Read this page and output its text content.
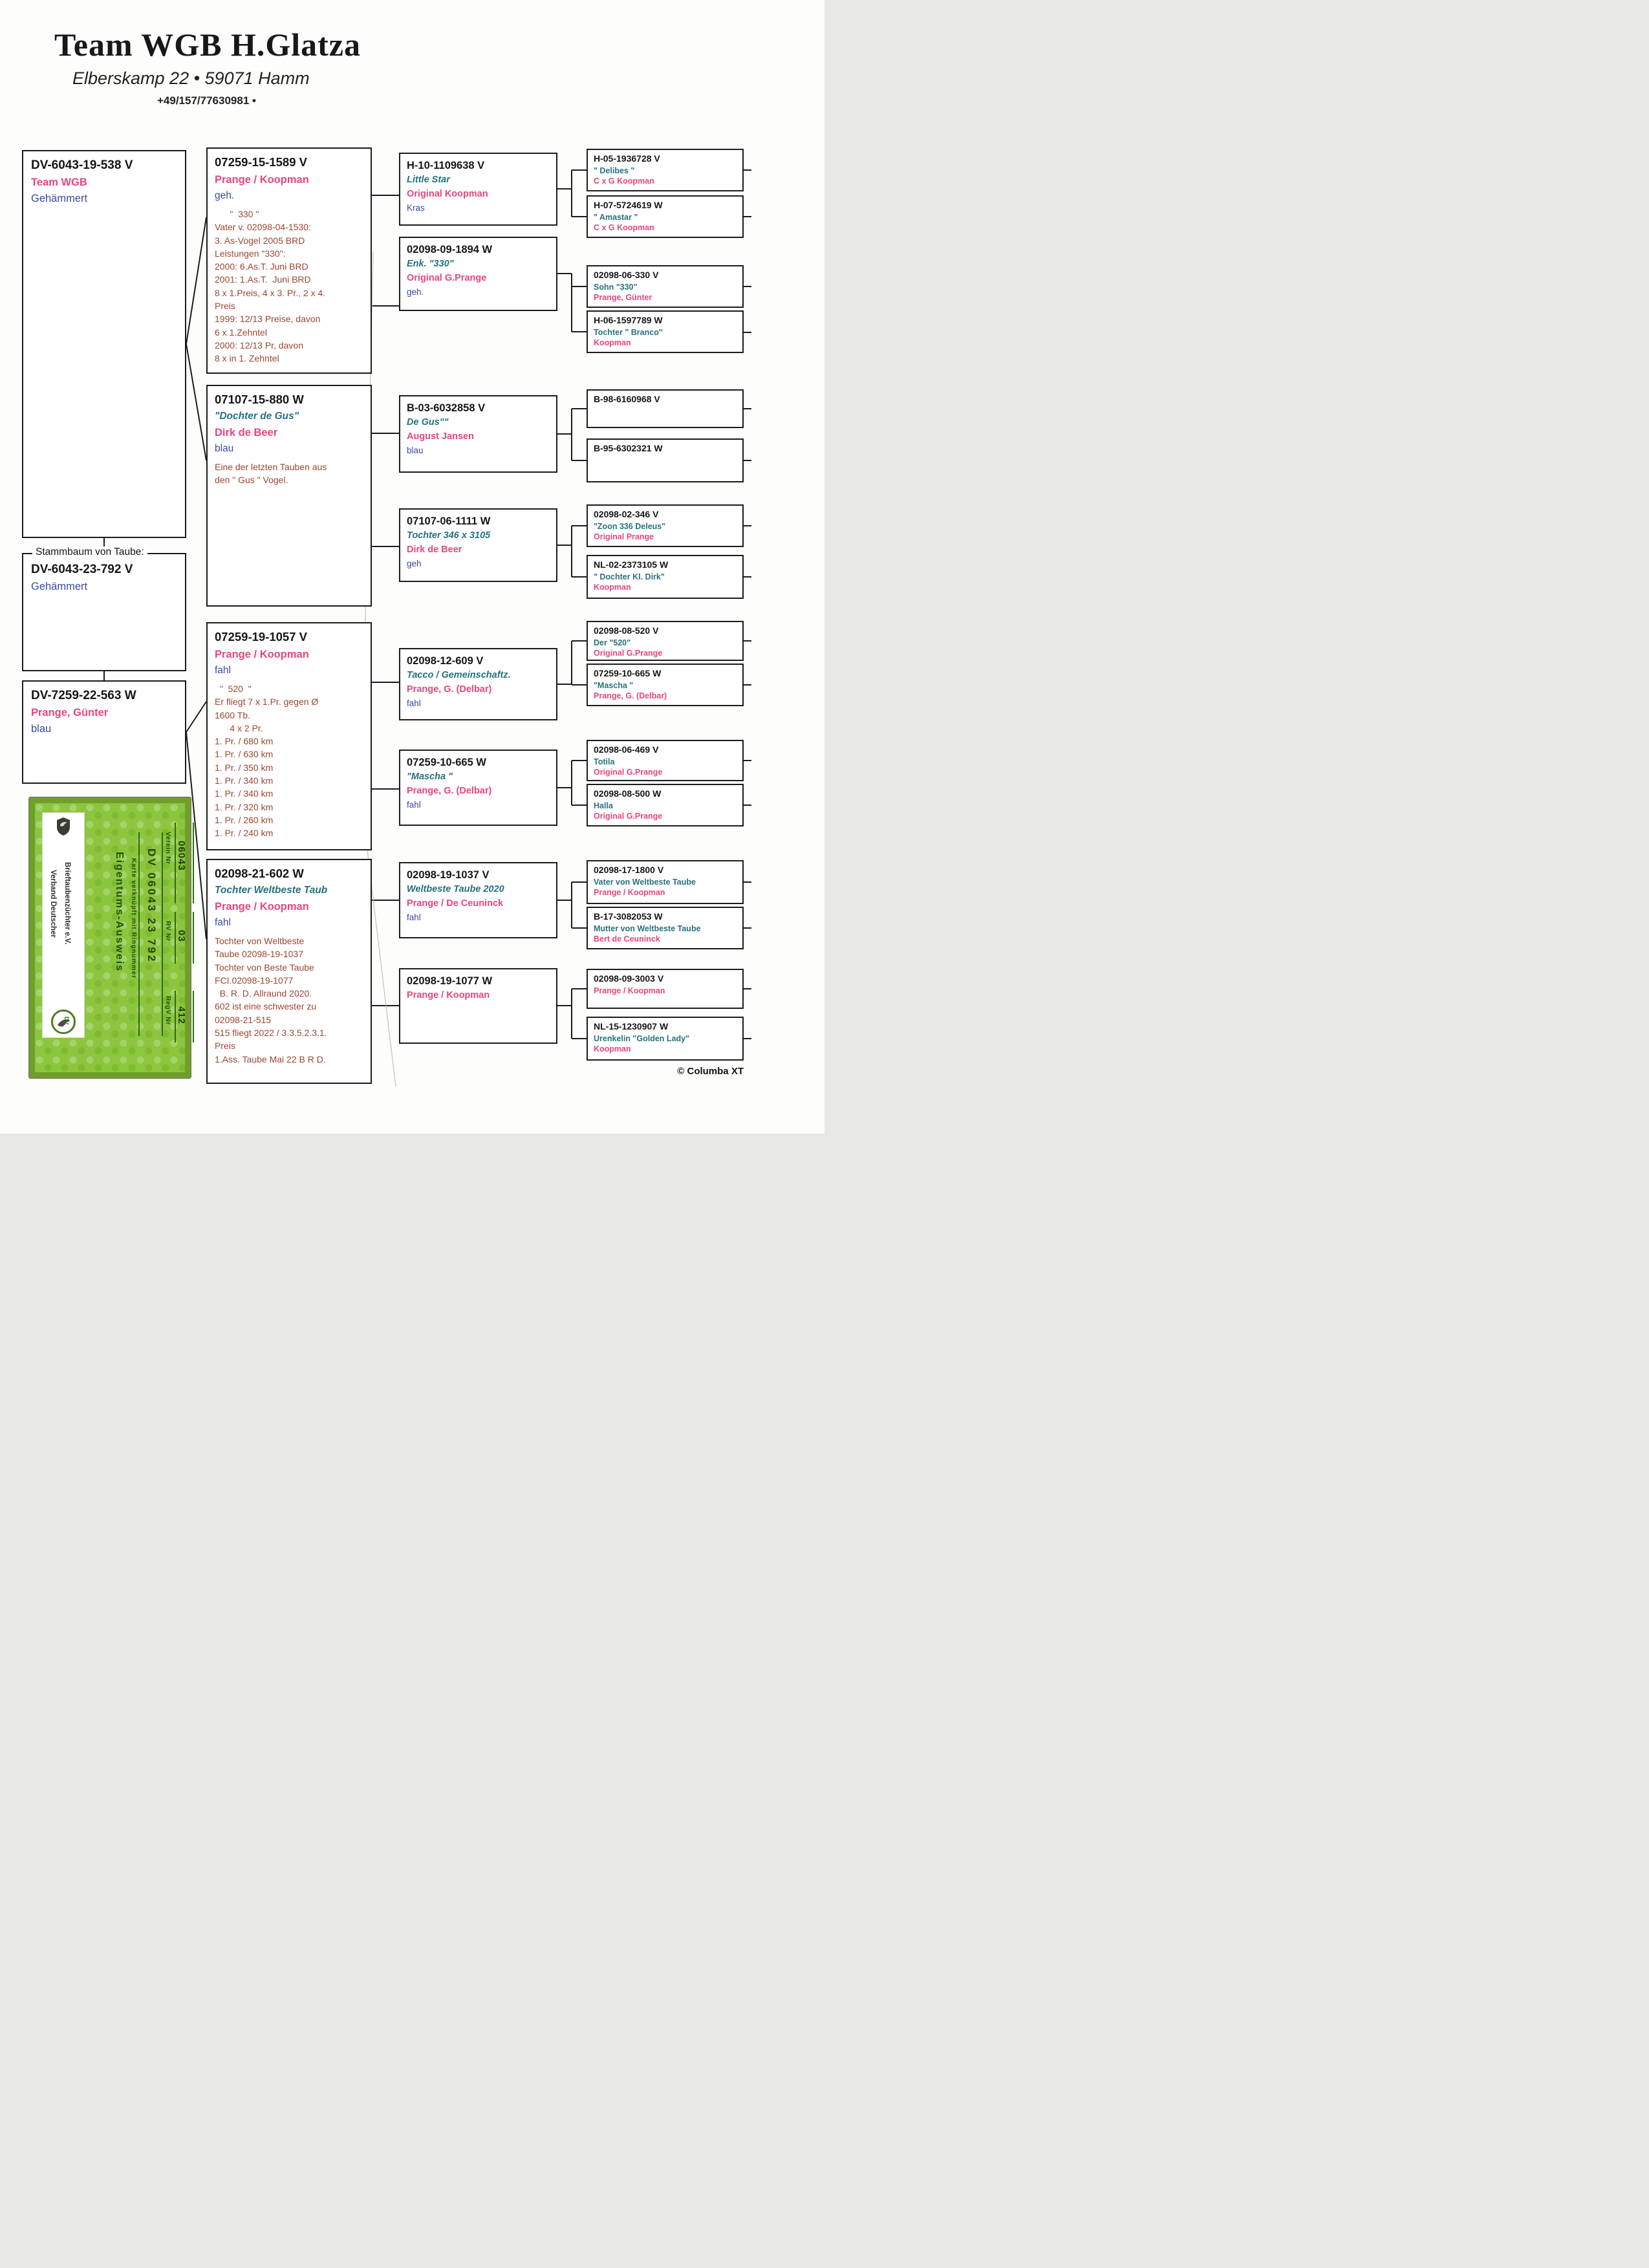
Team WGB H.Glatza
Elberskamp 22 • 59071 Hamm
+49/157/77630981 •
DV-6043-19-538 V
Team WGB
Gehämmert
Stammbaum von Taube:
DV-6043-23-792 V
Gehämmert
DV-7259-22-563 W
Prange, Günter
blau
Verband Deutscher Brieftaubenzüchter e.V.
DV
Eigentums-Ausweis Karte verknüpft mit Ringnummer DV 06043 23 792
Verein Nr 06043
RV Nr 03
RegV Nr 412
07259-15-1589 V
Prange / Koopman
geh.
"  330 "
Vater v. 02098-04-1530:
3. As-Vogel 2005 BRD
Leistungen "330":
2000: 6.As.T. Juni BRD
2001: 1.As.T.  Juni BRD
8 x 1.Preis, 4 x 3. Pr., 2 x 4.
Preis
1999: 12/13 Preise, davon
6 x 1.Zehntel
2000: 12/13 Pr, davon
8 x in 1. Zehntel
07107-15-880 W
"Dochter de Gus"
Dirk de Beer
blau
Eine der letzten Tauben aus
den " Gus " Vogel.
07259-19-1057 V
Prange / Koopman
fahl
"  520  "
Er fliegt 7 x 1.Pr. gegen Ø
1600 Tb.
4 x 2 Pr.
1. Pr. / 680 km
1. Pr. / 630 km
1. Pr. / 350 km
1. Pr. / 340 km
1. Pr. / 340 km
1. Pr. / 320 km
1. Pr. / 260 km
1. Pr. / 240 km
02098-21-602 W
Tochter Weltbeste Taub
Prange / Koopman
fahl
Tochter von Weltbeste
Taube 02098-19-1037
Tochter von Beste Taube
FCI.02098-19-1077
B. R. D. Allraund 2020.
602 ist eine schwester zu
02098-21-515
515 fliegt 2022 / 3.3.5.2.3.1.
Preis
1.Ass. Taube Mai 22 B R D.
H-10-1109638 V
Little Star
Original Koopman
Kras
02098-09-1894 W
Enk. "330"
Original G.Prange
geh.
B-03-6032858 V
De Gus""
August Jansen
blau
07107-06-1111 W
Tochter 346 x 3105
Dirk de Beer
geh
02098-12-609 V
Tacco / Gemeinschaftz.
Prange, G. (Delbar)
fahl
07259-10-665 W
"Mascha "
Prange, G. (Delbar)
fahl
02098-19-1037 V
Weltbeste Taube 2020
Prange / De Ceuninck
fahl
02098-19-1077 W
Prange / Koopman
H-05-1936728 V
" Delibes "
C x G Koopman
H-07-5724619 W
" Amastar "
C x G Koopman
02098-06-330 V
Sohn "330"
Prange, Günter
H-06-1597789 W
Tochter " Branco"
Koopman
B-98-6160968 V
B-95-6302321 W
02098-02-346 V
"Zoon 336 Deleus"
Original Prange
NL-02-2373105 W
" Dochter Kl. Dirk"
Koopman
02098-08-520 V
Der "520"
Original G.Prange
07259-10-665 W
"Mascha "
Prange, G. (Delbar)
02098-06-469 V
Totila
Original G.Prange
02098-08-500 W
Halla
Original G.Prange
02098-17-1800 V
Vater von Weltbeste Taube
Prange / Koopman
B-17-3082053 W
Mutter von Weltbeste Taube
Bert de Ceuninck
02098-09-3003 V
Prange / Koopman
NL-15-1230907 W
Urenkelin "Golden Lady"
Koopman
© Columba XT
